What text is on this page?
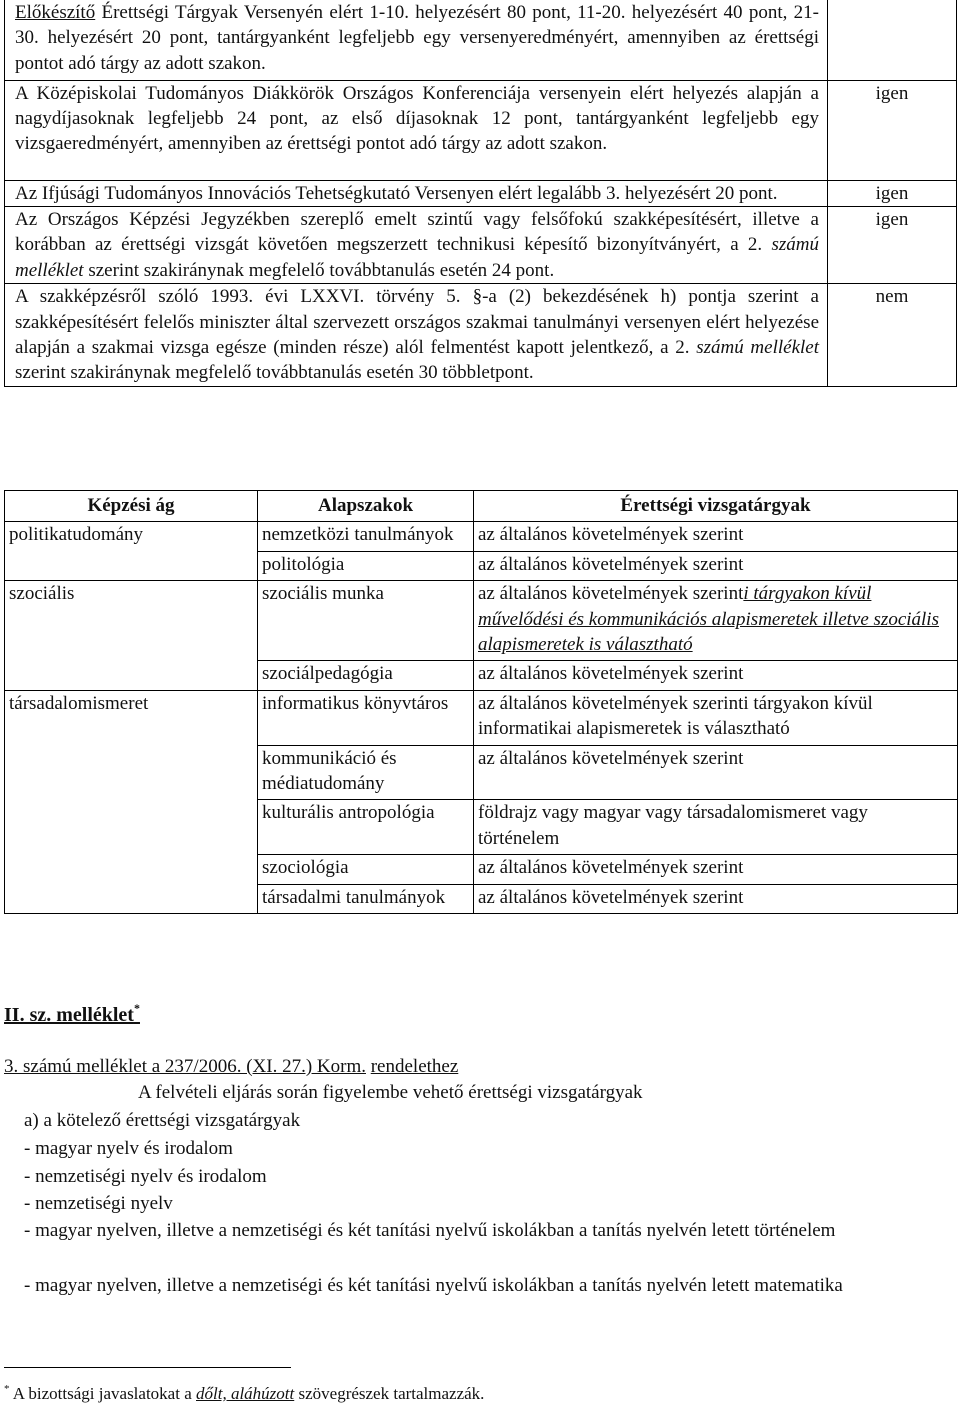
Előkészítő Érettségi Tárgyak Versenyén elért 1-10. helyezésért 80 pont, 11-20. helyezésért 40 pont, 21-30. helyezésért 20 pont, tantárgyanként legfeljebb egy versenyeredményért, amennyiben az érettségi pontot adó tárgy az adott szakon.	
A Középiskolai Tudományos Diákkörök Országos Konferenciája versenyein elért helyezés alapján a nagydíjasoknak legfeljebb 24 pont, az első díjasoknak 12 pont, tantárgyanként legfeljebb egy vizsgaeredményért, amennyiben az érettségi pontot adó tárgy az adott szakon.	igen
Az Ifjúsági Tudományos Innovációs Tehetségkutató Versenyen elért legalább 3. helyezésért 20 pont.	igen
Az Országos Képzési Jegyzékben szereplő emelt szintű vagy felsőfokú szakképesítésért, illetve a korábban az érettségi vizsgát követően megszerzett technikusi képesítő bizonyítványért, a 2. számú melléklet szerint szakiránynak megfelelő továbbtanulás esetén 24 pont.	igen
A szakképzésről szóló 1993. évi LXXVI. törvény 5. §-a (2) bekezdésének h) pontja szerint a szakképesítésért felelős miniszter által szervezett országos szakmai tanulmányi versenyen elért helyezése alapján a szakmai vizsga egésze (minden része) alól felmentést kapott jelentkező, a 2. számú melléklet szerint szakiránynak megfelelő továbbtanulás esetén 30 többletpont.	nem
Képzési ág	Alapszakok	Érettségi vizsgatárgyak
politikatudomány	nemzetközi tanulmányok	az általános követelmények szerint
	politológia	az általános követelmények szerint
szociális	szociális munka	az általános követelmények szerinti tárgyakon kívül művelődési és kommunikációs alapismeretek illetve szociális alapismeretek is választható
	szociálpedagógia	az általános követelmények szerint
társadalomismeret	informatikus könyvtáros	az általános követelmények szerinti tárgyakon kívül informatikai alapismeretek is választható
	kommunikáció és médiatudomány	az általános követelmények szerint
	kulturális antropológia	földrajz vagy magyar vagy társadalomismeret vagy történelem
	szociológia	az általános követelmények szerint
	társadalmi tanulmányok	az általános követelmények szerint
II. sz. melléklet*
3. számú melléklet a 237/2006. (XI. 27.) Korm. rendelethez
A felvételi eljárás során figyelembe vehető érettségi vizsgatárgyak
a) a kötelező érettségi vizsgatárgyak
- magyar nyelv és irodalom
- nemzetiségi nyelv és irodalom
- nemzetiségi nyelv
- magyar nyelven, illetve a nemzetiségi és két tanítási nyelvű iskolákban a tanítás nyelvén letett történelem
- magyar nyelven, illetve a nemzetiségi és két tanítási nyelvű iskolákban a tanítás nyelvén letett matematika
* A bizottsági javaslatokat a dőlt, aláhúzott szövegrészek tartalmazzák.
